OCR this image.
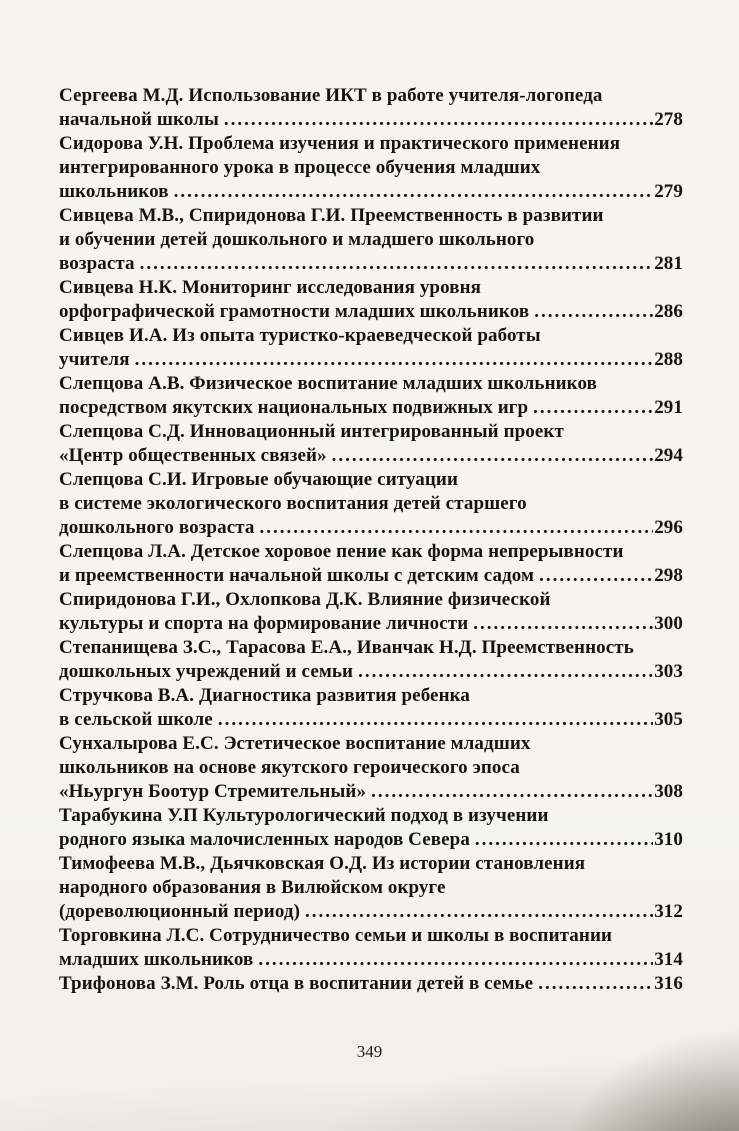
Сергеева М.Д. Использование ИКТ в работе учителя-логопеда
начальной школы .....	278
Сидорова У.Н. Проблема изучения и практического применения
интегрированного урока в процессе обучения младших
школьников .....	279
Сивцева М.В., Спиридонова Г.И. Преемственность в развитии
и обучении детей дошкольного и младшего школьного
возраста .....	281
Сивцева Н.К. Мониторинг исследования уровня
орфографической грамотности младших школьников .....	286
Сивцев И.А. Из опыта туристко-краеведческой работы
учителя .....	288
Слепцова А.В. Физическое воспитание младших школьников
посредством якутских национальных подвижных игр .....	291
Слепцова С.Д. Инновационный интегрированный проект
«Центр общественных связей» .....	294
Слепцова С.И. Игровые обучающие ситуации
в системе экологического воспитания детей старшего
дошкольного возраста .....	296
Слепцова Л.А. Детское хоровое пение как форма непрерывности
и преемственности начальной школы с детским садом .....	298
Спиридонова Г.И., Охлопкова Д.К. Влияние физической
культуры и спорта на формирование личности .....	300
Степанищева З.С., Тарасова Е.А., Иванчак Н.Д. Преемственность
дошкольных учреждений и семьи .....	303
Стручкова В.А. Диагностика развития ребенка
в сельской школе .....	305
Сунхалырова Е.С. Эстетическое воспитание младших
школьников на основе якутского героического эпоса
«Ньургун Боотур Стремительный» .....	308
Тарабукина У.П Культурологический подход в изучении
родного языка малочисленных народов Севера .....	310
Тимофеева М.В., Дьячковская О.Д. Из истории становления
народного образования в Вилюйском округе
(дореволюционный период) .....	312
Торговкина Л.С. Сотрудничество семьи и школы в воспитании
младших школьников .....	314
Трифонова З.М. Роль отца в воспитании детей в семье .....	316
349
